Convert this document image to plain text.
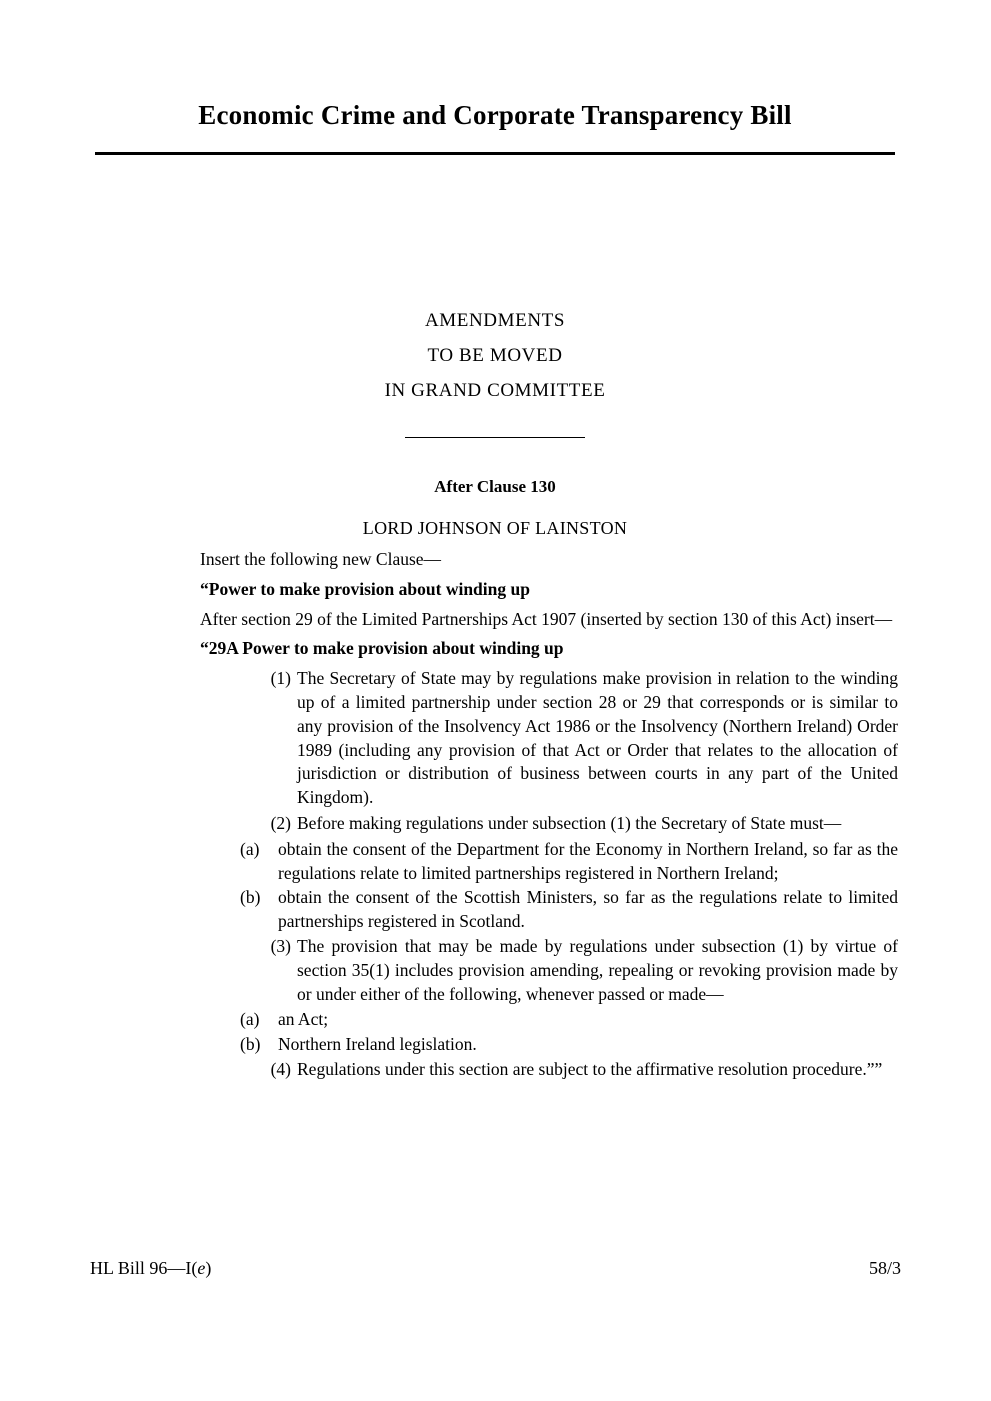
Economic Crime and Corporate Transparency Bill
AMENDMENTS
TO BE MOVED
IN GRAND COMMITTEE
After Clause 130
LORD JOHNSON OF LAINSTON

Insert the following new Clause—

“Power to make provision about winding up

After section 29 of the Limited Partnerships Act 1907 (inserted by section 130 of this Act) insert—

“29A Power to make provision about winding up

(1) The Secretary of State may by regulations make provision in relation to the winding up of a limited partnership under section 28 or 29 that corresponds or is similar to any provision of the Insolvency Act 1986 or the Insolvency (Northern Ireland) Order 1989 (including any provision of that Act or Order that relates to the allocation of jurisdiction or distribution of business between courts in any part of the United Kingdom).
(2) Before making regulations under subsection (1) the Secretary of State must—
(a)	obtain the consent of the Department for the Economy in Northern Ireland, so far as the regulations relate to limited partnerships registered in Northern Ireland;
(b)	obtain the consent of the Scottish Ministers, so far as the regulations relate to limited partnerships registered in Scotland.
(3) The provision that may be made by regulations under subsection (1) by virtue of section 35(1) includes provision amending, repealing or revoking provision made by or under either of the following, whenever passed or made—
(a)	an Act;
(b)	Northern Ireland legislation.
(4) Regulations under this section are subject to the affirmative resolution procedure.””
HL Bill 96—I(e)	58/3
